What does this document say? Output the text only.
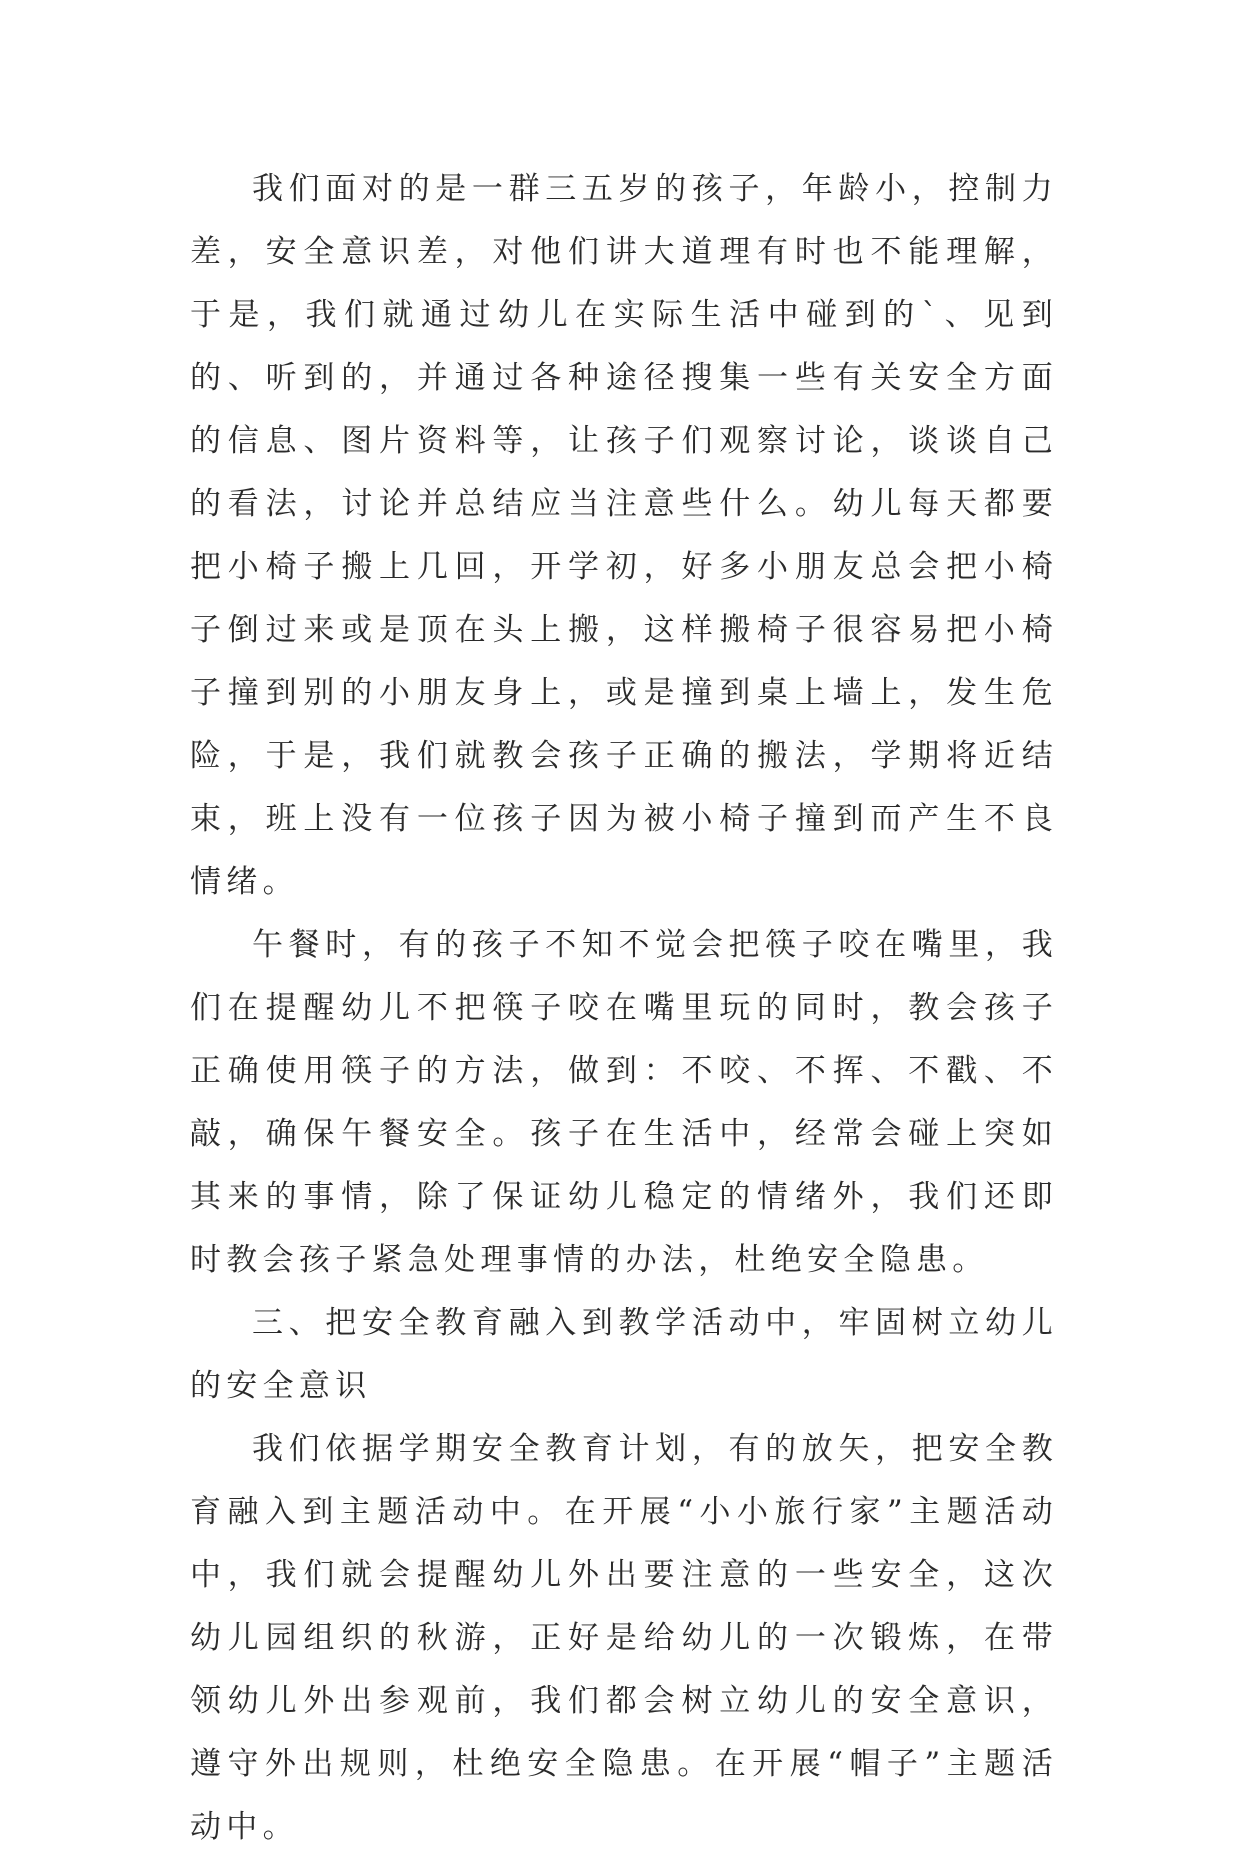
我们面对的是一群三五岁的孩子，年龄小，控制力差，安全意识差，对他们讲大道理有时也不能理解，于是，我们就通过幼儿在实际生活中碰到的`、见到的、听到的，并通过各种途径搜集一些有关安全方面的信息、图片资料等，让孩子们观察讨论，谈谈自己的看法，讨论并总结应当注意些什么。幼儿每天都要把小椅子搬上几回，开学初，好多小朋友总会把小椅子倒过来或是顶在头上搬，这样搬椅子很容易把小椅子撞到别的小朋友身上，或是撞到桌上墙上，发生危险，于是，我们就教会孩子正确的搬法，学期将近结束，班上没有一位孩子因为被小椅子撞到而产生不良情绪。

午餐时，有的孩子不知不觉会把筷子咬在嘴里，我们在提醒幼儿不把筷子咬在嘴里玩的同时，教会孩子正确使用筷子的方法，做到：不咬、不挥、不戳、不敲，确保午餐安全。孩子在生活中，经常会碰上突如其来的事情，除了保证幼儿稳定的情绪外，我们还即时教会孩子紧急处理事情的办法，杜绝安全隐患。

三、把安全教育融入到教学活动中，牢固树立幼儿的安全意识

我们依据学期安全教育计划，有的放矢，把安全教育融入到主题活动中。在开展“小小旅行家”主题活动中，我们就会提醒幼儿外出要注意的一些安全，这次幼儿园组织的秋游，正好是给幼儿的一次锻炼，在带领幼儿外出参观前，我们都会树立幼儿的安全意识，遵守外出规则，杜绝安全隐患。在开展“帽子”主题活动中。
